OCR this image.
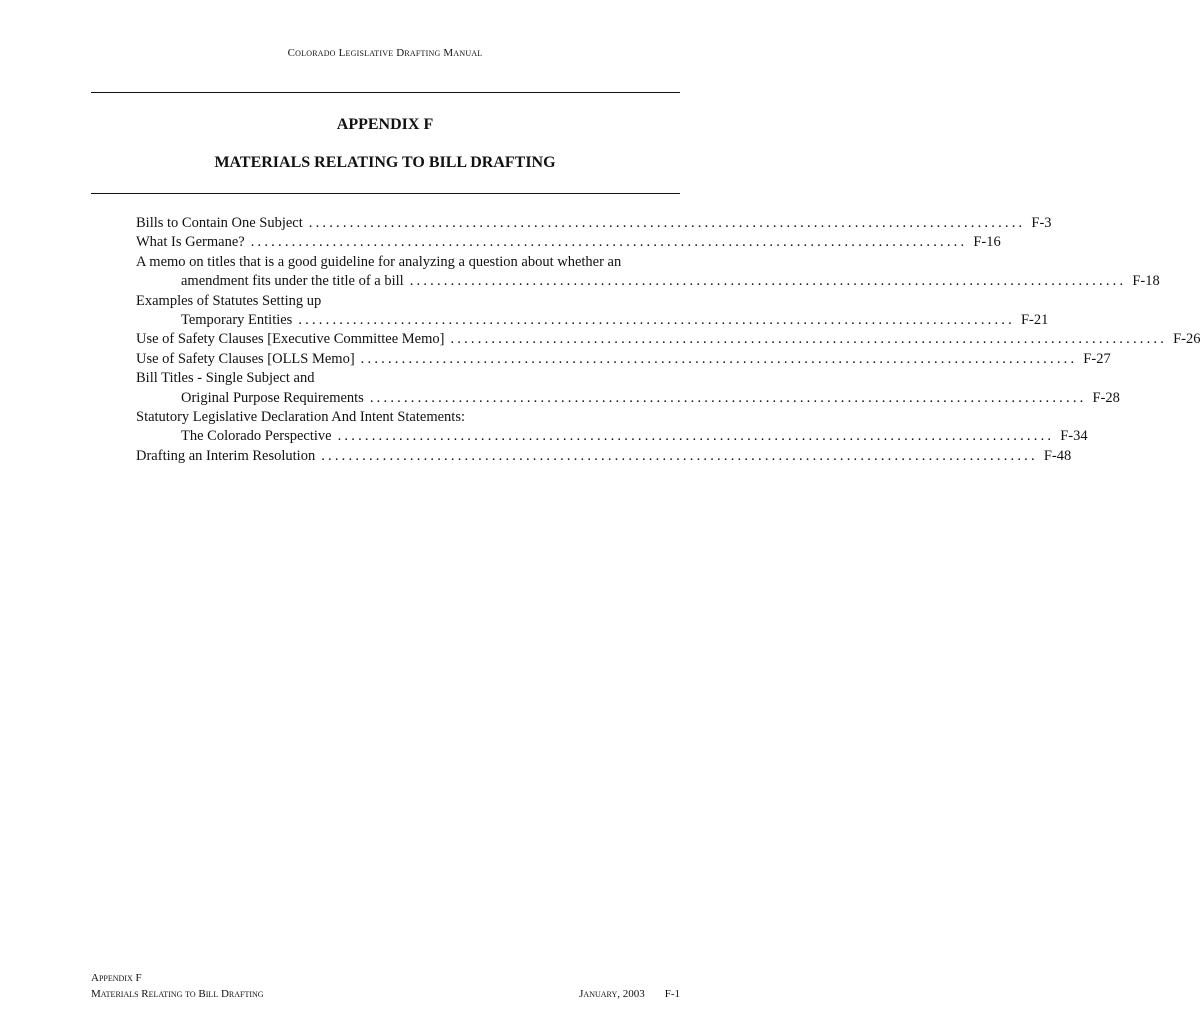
Colorado Legislative Drafting Manual
APPENDIX F
MATERIALS RELATING TO BILL DRAFTING
Bills to Contain One Subject ......................................................................................................... F-3
What Is Germane? ......................................................................................................... F-16
A memo on titles that is a good guideline for analyzing a question about whether an
amendment fits under the title of a bill ......................................................................................................... F-18
Examples of Statutes Setting up
Temporary Entities ......................................................................................................... F-21
Use of Safety Clauses [Executive Committee Memo] ......................................................................................................... F-26
Use of Safety Clauses [OLLS Memo] ......................................................................................................... F-27
Bill Titles - Single Subject and
Original Purpose Requirements ......................................................................................................... F-28
Statutory Legislative Declaration And Intent Statements:
The Colorado Perspective ......................................................................................................... F-34
Drafting an Interim Resolution ......................................................................................................... F-48
Appendix F
Materials Relating to Bill Drafting	January, 2003 F-1
